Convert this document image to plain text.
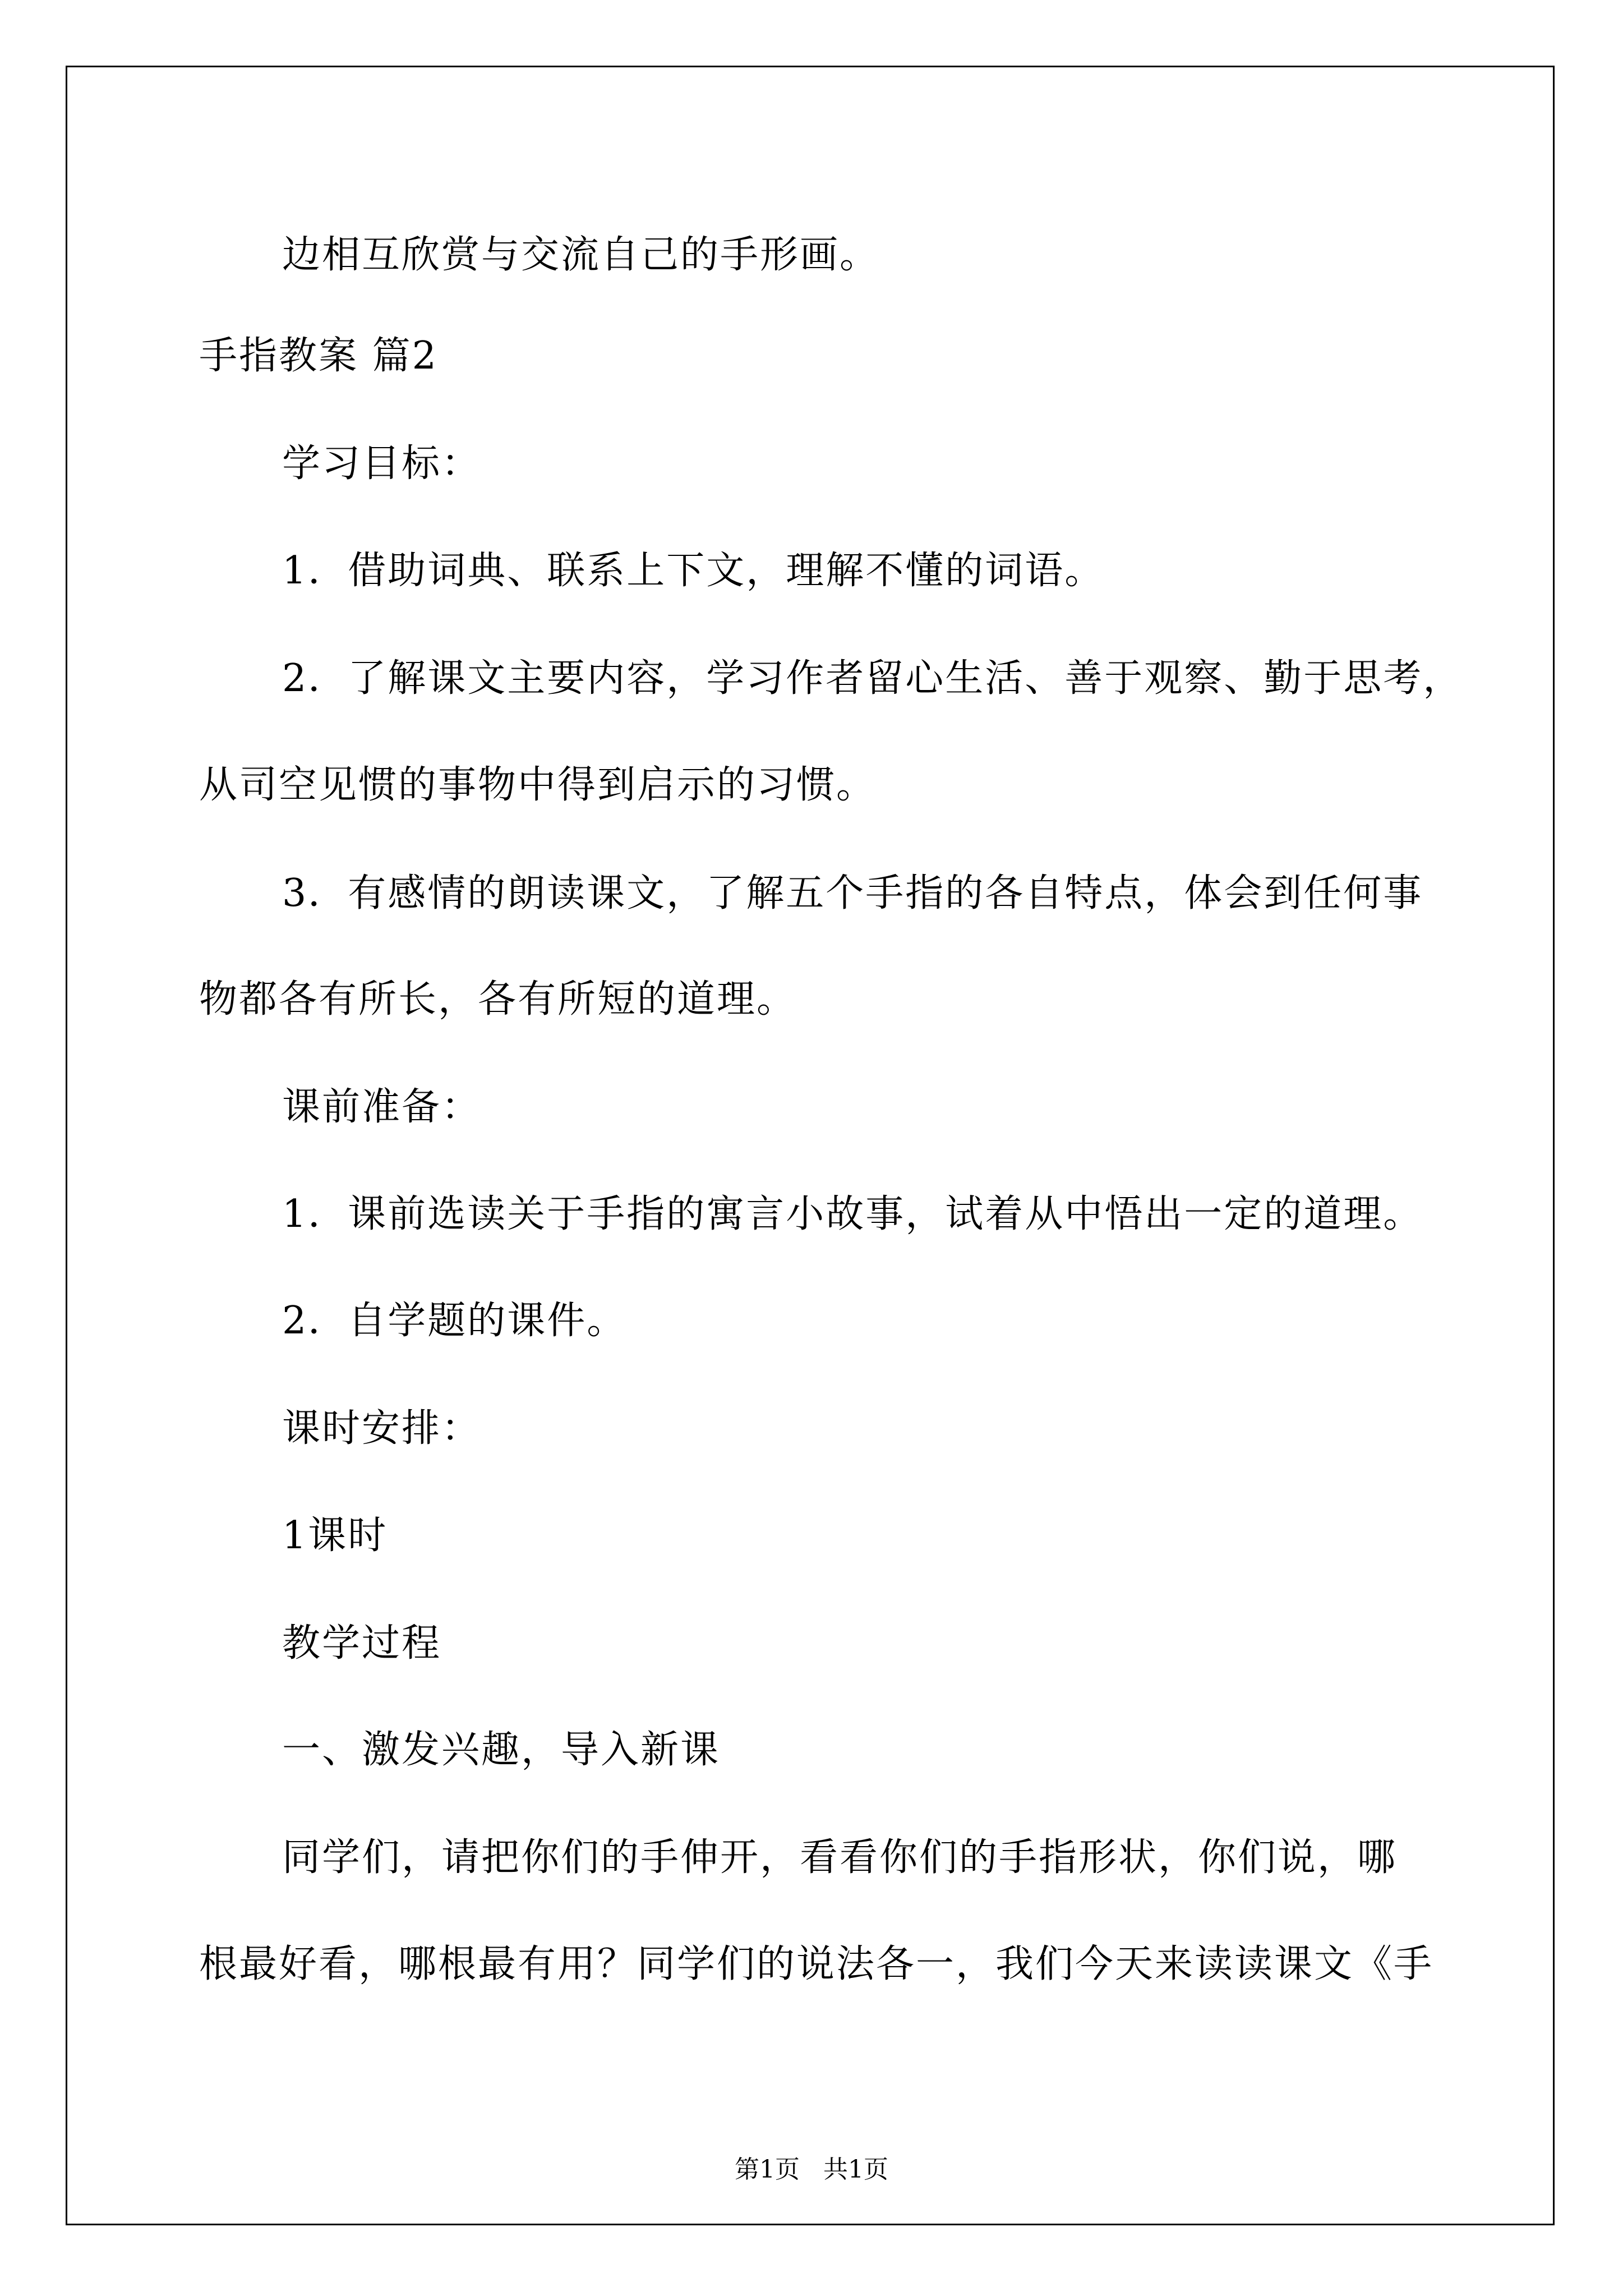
边相互欣赏与交流自己的手形画。
手指教案 篇2
学习目标：
1．借助词典、联系上下文，理解不懂的词语。
2．了解课文主要内容，学习作者留心生活、善于观察、勤于思考，
从司空见惯的事物中得到启示的习惯。
3．有感情的朗读课文，了解五个手指的各自特点，体会到任何事
物都各有所长，各有所短的道理。
课前准备：
1．课前选读关于手指的寓言小故事，试着从中悟出一定的道理。
2．自学题的课件。
课时安排：
1课时
教学过程
一、激发兴趣，导入新课
同学们，请把你们的手伸开，看看你们的手指形状，你们说，哪
根最好看，哪根最有用？同学们的说法各一，我们今天来读读课文《手
第1页   共1页
